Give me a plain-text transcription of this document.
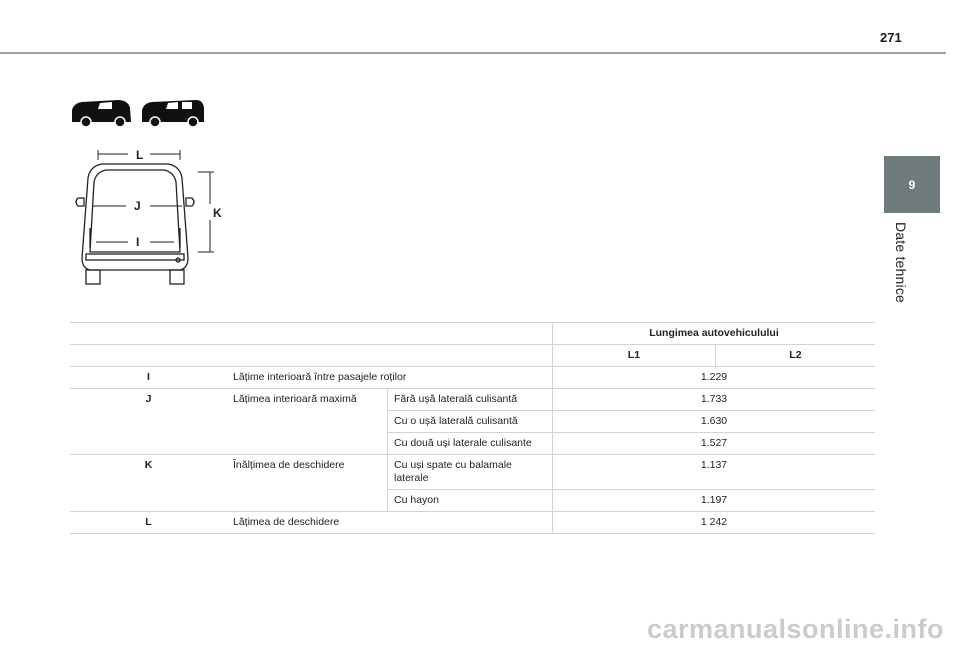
271
9
Date tehnice
L
J	K
I
			Lungimea autovehiculului	
			L1	L2
I	Lățime interioară între pasajele roților		1.229	
J	Lățimea interioară maximă	Fără ușă laterală culisantă	1.733	
		Cu o ușă laterală culisantă	1.630	
		Cu două uși laterale culisante	1.527	
K	Înălțimea de deschidere	Cu uși spate cu balamale laterale	1.137	
		Cu hayon	1.197	
L	Lățimea de deschidere		1 242	
carmanualsonline.info
